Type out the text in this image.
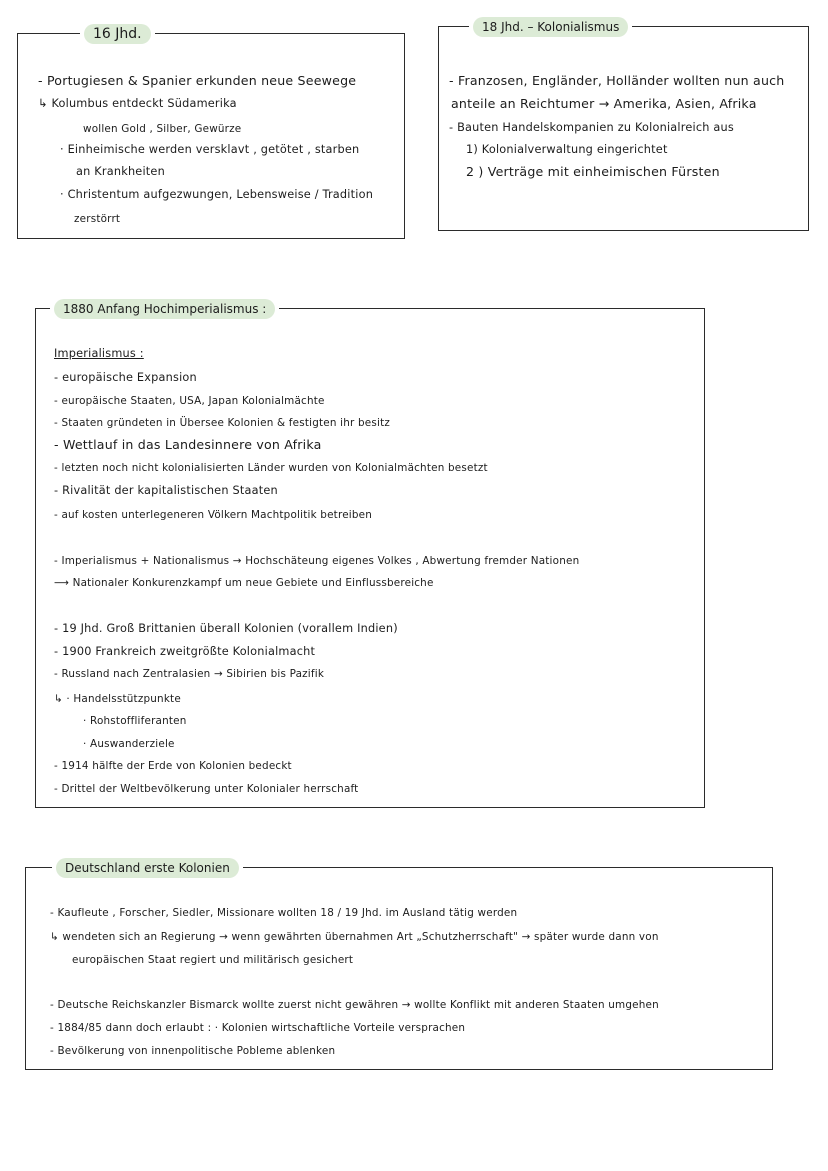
16 Jhd.
- Portugiesen & Spanier erkunden neue Seewege
↳ Kolumbus entdeckt Südamerika
wollen Gold , Silber, Gewürze
· Einheimische werden versklavt , getötet , starben
an Krankheiten
· Christentum aufgezwungen, Lebensweise / Tradition
zerstörrt
18 Jhd. – Kolonialismus
- Franzosen, Engländer, Holländer wollten nun auch
anteile an Reichtumer → Amerika, Asien, Afrika
- Bauten Handelskompanien zu Kolonialreich aus
1) Kolonialverwaltung eingerichtet
2 ) Verträge mit einheimischen Fürsten
1880 Anfang Hochimperialismus :
Imperialismus :
- europäische Expansion
- europäische Staaten, USA, Japan Kolonialmächte
- Staaten gründeten in Übersee Kolonien & festigten ihr besitz
- Wettlauf in das Landesinnere von Afrika
- letzten noch nicht kolonialisierten Länder wurden von Kolonialmächten besetzt
- Rivalität der kapitalistischen Staaten
- auf kosten unterlegeneren Völkern Machtpolitik betreiben
- Imperialismus + Nationalismus → Hochschäteung eigenes Volkes , Abwertung fremder Nationen
⟶ Nationaler Konkurenzkampf um neue Gebiete und Einflussbereiche
- 19 Jhd. Groß Brittanien überall Kolonien (vorallem Indien)
- 1900 Frankreich zweitgrößte Kolonialmacht
- Russland nach Zentralasien → Sibirien bis Pazifik
↳ · Handelsstützpunkte
· Rohstoffliferanten
· Auswanderziele
- 1914 hälfte der Erde von Kolonien bedeckt
- Drittel der Weltbevölkerung unter Kolonialer herrschaft
Deutschland erste Kolonien
- Kaufleute , Forscher, Siedler, Missionare wollten 18 / 19 Jhd. im Ausland tätig werden
↳ wendeten sich an Regierung → wenn gewährten übernahmen Art „Schutzherrschaft" → später wurde dann von
europäischen Staat regiert und militärisch gesichert
- Deutsche Reichskanzler Bismarck wollte zuerst nicht gewähren → wollte Konflikt mit anderen Staaten umgehen
- 1884/85 dann doch erlaubt : · Kolonien wirtschaftliche Vorteile versprachen
- Bevölkerung von innenpolitische Pobleme ablenken
